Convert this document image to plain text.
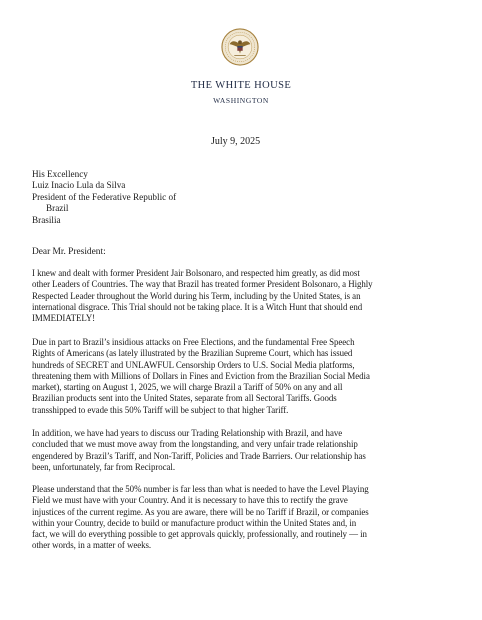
THE WHITE HOUSE
WASHINGTON
July 9, 2025
His Excellency
Luiz Inacio Lula da Silva
President of the Federative Republic of
Brazil
Brasilia
Dear Mr. President:
I knew and dealt with former President Jair Bolsonaro, and respected him greatly, as did most
other Leaders of Countries. The way that Brazil has treated former President Bolsonaro, a Highly
Respected Leader throughout the World during his Term, including by the United States, is an
international disgrace. This Trial should not be taking place. It is a Witch Hunt that should end
IMMEDIATELY!
Due in part to Brazil’s insidious attacks on Free Elections, and the fundamental Free Speech
Rights of Americans (as lately illustrated by the Brazilian Supreme Court, which has issued
hundreds of SECRET and UNLAWFUL Censorship Orders to U.S. Social Media platforms,
threatening them with Millions of Dollars in Fines and Eviction from the Brazilian Social Media
market), starting on August 1, 2025, we will charge Brazil a Tariff of 50% on any and all
Brazilian products sent into the United States, separate from all Sectoral Tariffs. Goods
transshipped to evade this 50% Tariff will be subject to that higher Tariff.
In addition, we have had years to discuss our Trading Relationship with Brazil, and have
concluded that we must move away from the longstanding, and very unfair trade relationship
engendered by Brazil’s Tariff, and Non-Tariff, Policies and Trade Barriers. Our relationship has
been, unfortunately, far from Reciprocal.
Please understand that the 50% number is far less than what is needed to have the Level Playing
Field we must have with your Country. And it is necessary to have this to rectify the grave
injustices of the current regime. As you are aware, there will be no Tariff if Brazil, or companies
within your Country, decide to build or manufacture product within the United States and, in
fact, we will do everything possible to get approvals quickly, professionally, and routinely — in
other words, in a matter of weeks.
